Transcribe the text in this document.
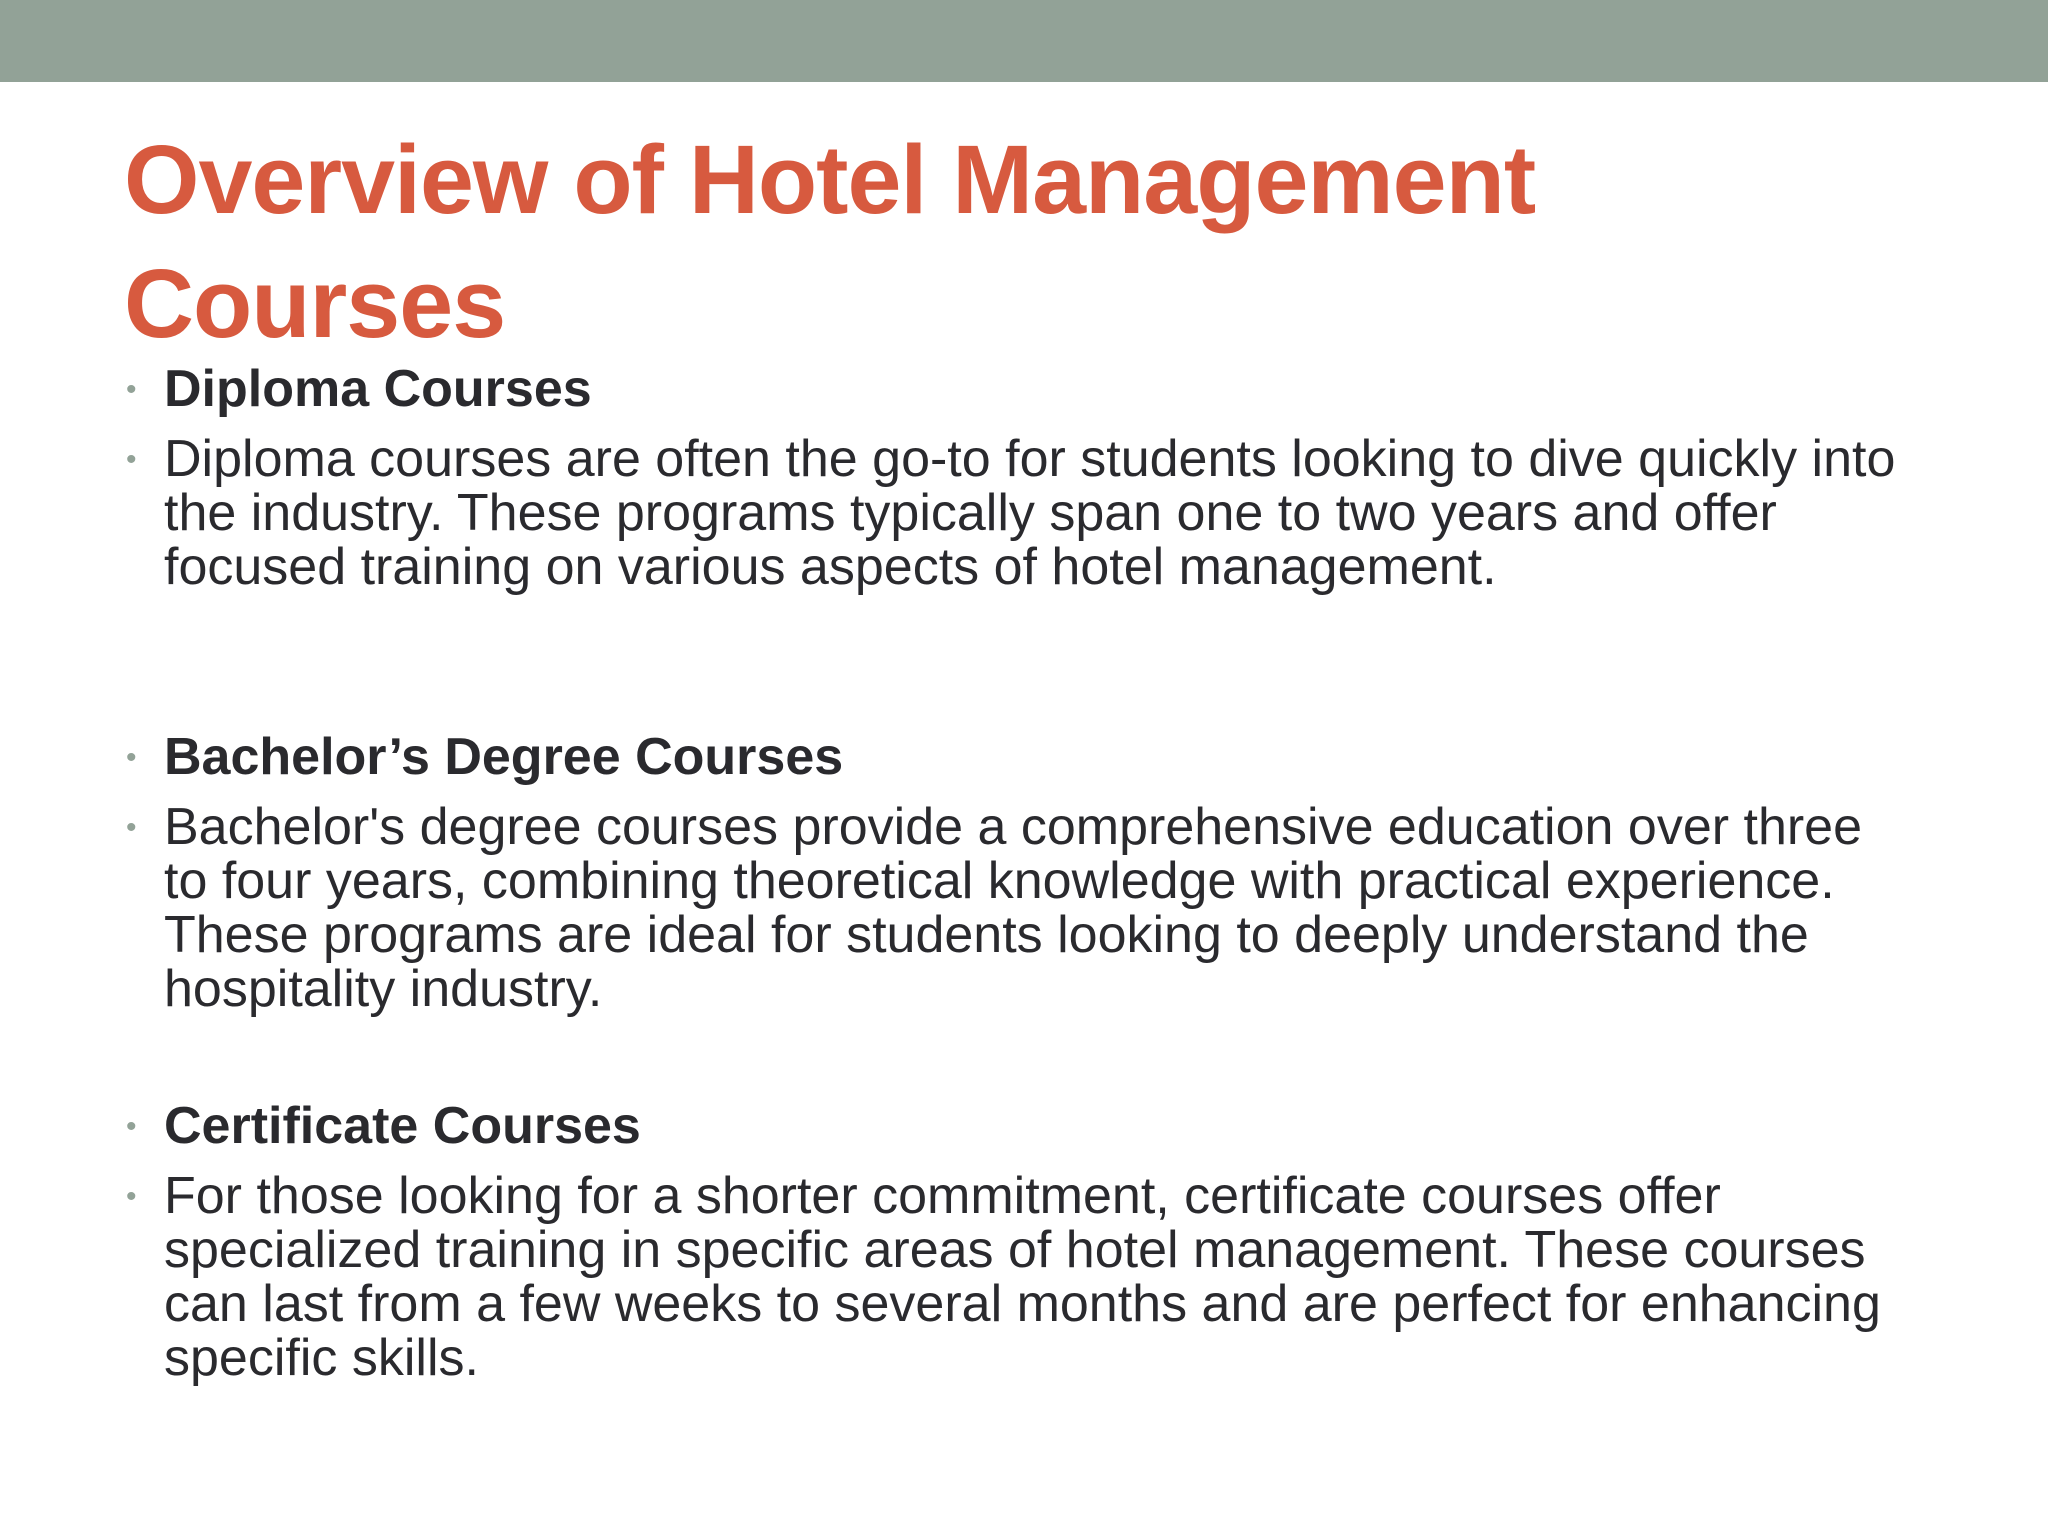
Overview of Hotel Management Courses
• Diploma Courses
• Diploma courses are often the go-to for students looking to dive quickly into the industry. These programs typically span one to two years and offer focused training on various aspects of hotel management.
• Bachelor’s Degree Courses
• Bachelor's degree courses provide a comprehensive education over three to four years, combining theoretical knowledge with practical experience. These programs are ideal for students looking to deeply understand the hospitality industry.
• Certificate Courses
• For those looking for a shorter commitment, certificate courses offer specialized training in specific areas of hotel management. These courses can last from a few weeks to several months and are perfect for enhancing specific skills.
